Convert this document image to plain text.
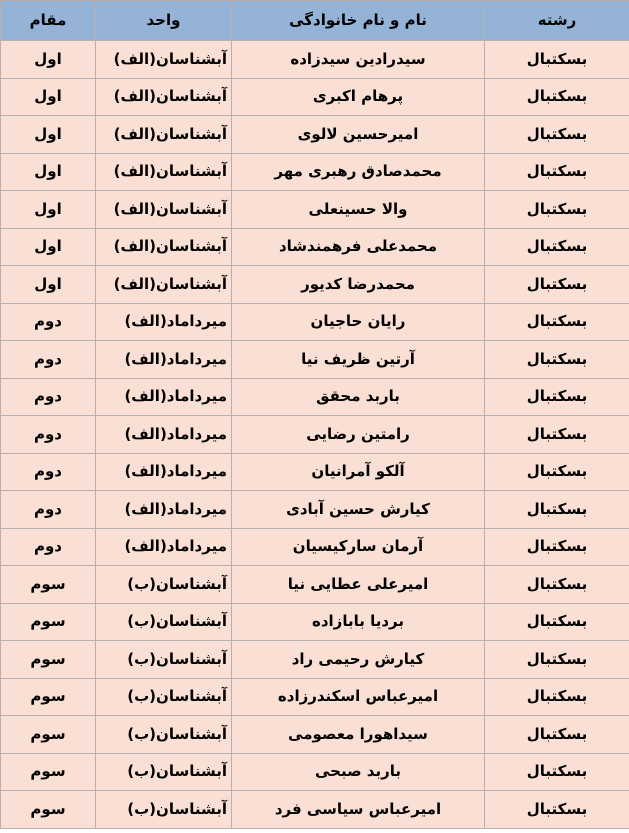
رشته	نام و نام خانوادگی	واحد	مقام
بسکتبال	سیدرادین سیدزاده	آبشناسان(الف)	اول
بسکتبال	پرهام اکبری	آبشناسان(الف)	اول
بسکتبال	امیرحسین لالوی	آبشناسان(الف)	اول
بسکتبال	محمدصادق رهبری مهر	آبشناسان(الف)	اول
بسکتبال	والا حسینعلی	آبشناسان(الف)	اول
بسکتبال	محمدعلی فرهمندشاد	آبشناسان(الف)	اول
بسکتبال	محمدرضا کدیور	آبشناسان(الف)	اول
بسکتبال	رایان حاجیان	میرداماد(الف)	دوم
بسکتبال	آرتین ظریف نیا	میرداماد(الف)	دوم
بسکتبال	باربد محقق	میرداماد(الف)	دوم
بسکتبال	رامتین رضایی	میرداماد(الف)	دوم
بسکتبال	آلکو آمرانیان	میرداماد(الف)	دوم
بسکتبال	کیارش حسین آبادی	میرداماد(الف)	دوم
بسکتبال	آرمان سارکیسیان	میرداماد(الف)	دوم
بسکتبال	امیرعلی عطایی نیا	آبشناسان(ب)	سوم
بسکتبال	بردیا بابازاده	آبشناسان(ب)	سوم
بسکتبال	کیارش رحیمی راد	آبشناسان(ب)	سوم
بسکتبال	امیرعباس اسکندرزاده	آبشناسان(ب)	سوم
بسکتبال	سیداهورا معصومی	آبشناسان(ب)	سوم
بسکتبال	باربد صبحی	آبشناسان(ب)	سوم
بسکتبال	امیرعباس سیاسی فرد	آبشناسان(ب)	سوم
